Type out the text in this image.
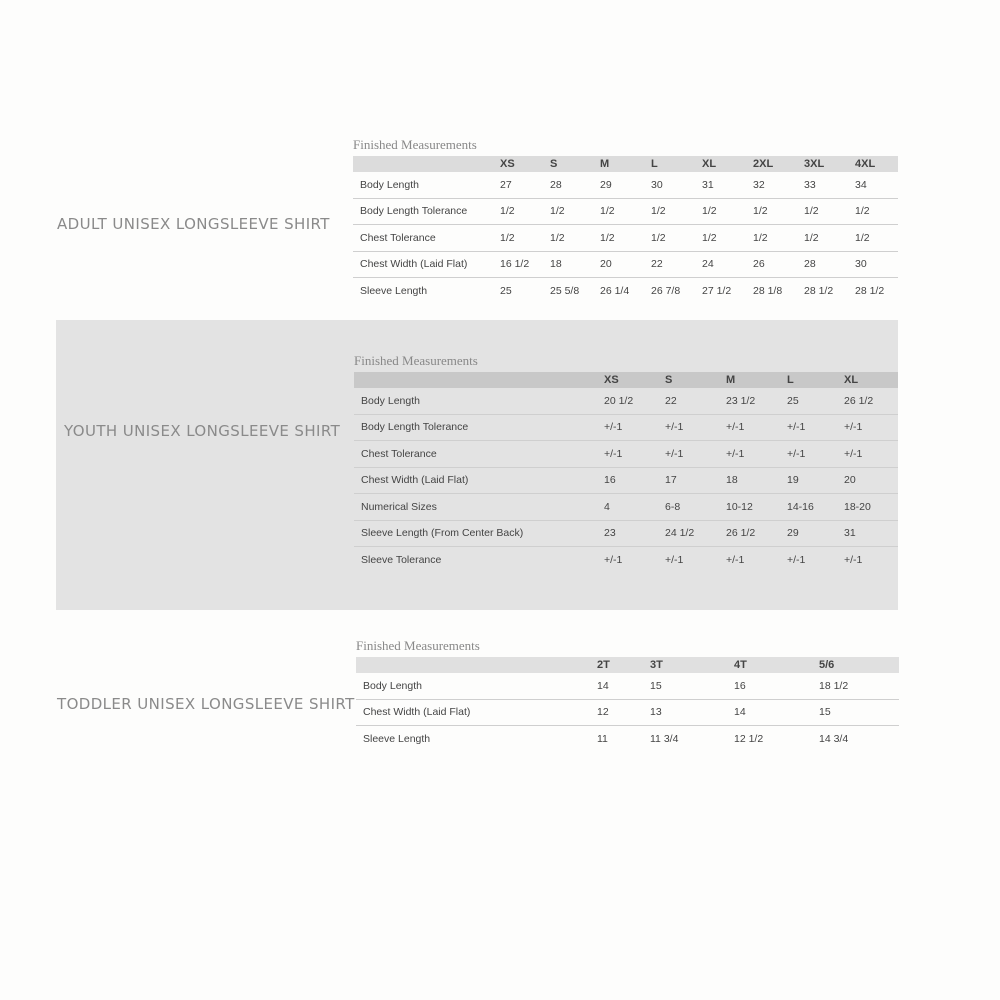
ADULT UNISEX LONGSLEEVE SHIRT
Finished Measurements
	XS	S	M	L	XL	2XL	3XL	4XL
Body Length	27	28	29	30	31	32	33	34
Body Length Tolerance	1/2	1/2	1/2	1/2	1/2	1/2	1/2	1/2
Chest Tolerance	1/2	1/2	1/2	1/2	1/2	1/2	1/2	1/2
Chest Width (Laid Flat)	16 1/2	18	20	22	24	26	28	30
Sleeve Length	25	25 5/8	26 1/4	26 7/8	27 1/2	28 1/8	28 1/2	28 1/2
YOUTH UNISEX LONGSLEEVE SHIRT
Finished Measurements
	XS	S	M	L	XL
Body Length	20 1/2	22	23 1/2	25	26 1/2
Body Length Tolerance	+/-1	+/-1	+/-1	+/-1	+/-1
Chest Tolerance	+/-1	+/-1	+/-1	+/-1	+/-1
Chest Width (Laid Flat)	16	17	18	19	20
Numerical Sizes	4	6-8	10-12	14-16	18-20
Sleeve Length (From Center Back)	23	24 1/2	26 1/2	29	31
Sleeve Tolerance	+/-1	+/-1	+/-1	+/-1	+/-1
TODDLER UNISEX LONGSLEEVE SHIRT
Finished Measurements
	2T	3T	4T	5/6
Body Length	14	15	16	18 1/2
Chest Width (Laid Flat)	12	13	14	15
Sleeve Length	11	11 3/4	12 1/2	14 3/4
